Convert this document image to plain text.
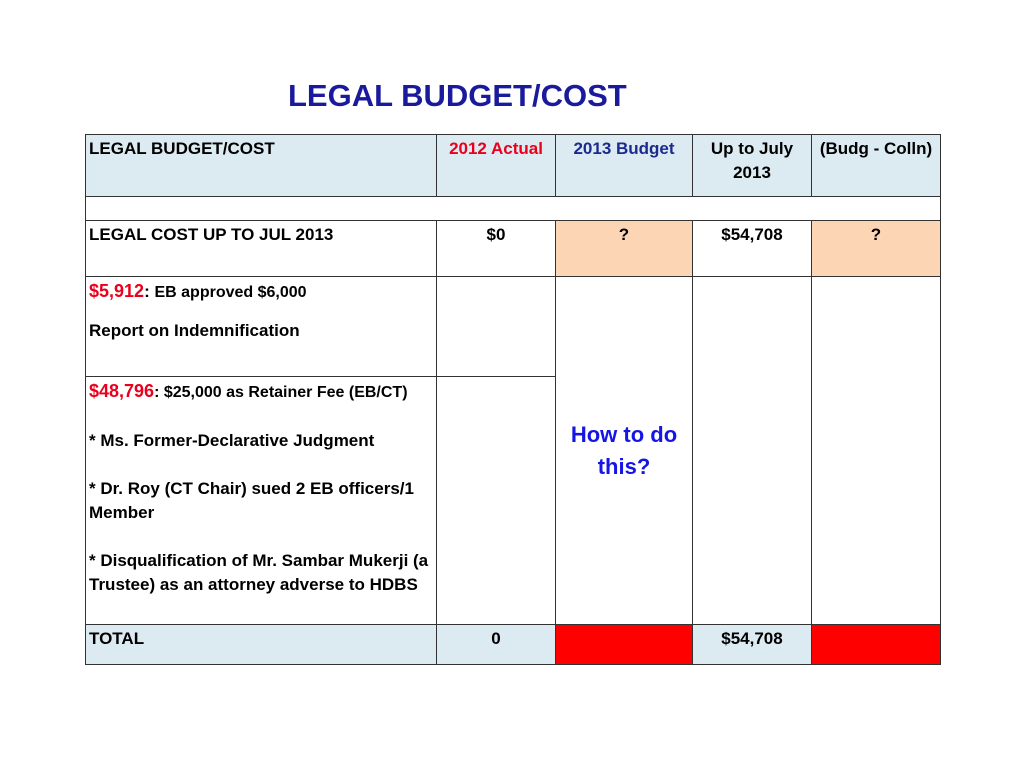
LEGAL BUDGET/COST
LEGAL BUDGET/COST	2012 Actual	2013 Budget	Up to July 2013	(Budg - Colln)

LEGAL COST UP TO JUL 2013	$0	?	$54,708	?

$5,912: EB approved $6,000
Report on Indemnification		How to do this?		

$48,796: $25,000 as Retainer Fee (EB/CT)
* Ms. Former-Declarative Judgment
* Dr. Roy (CT Chair) sued 2 EB officers/1 Member
* Disqualification of Mr. Sambar Mukerji (a Trustee) as an attorney adverse to HDBS				

TOTAL	0		$54,708	
